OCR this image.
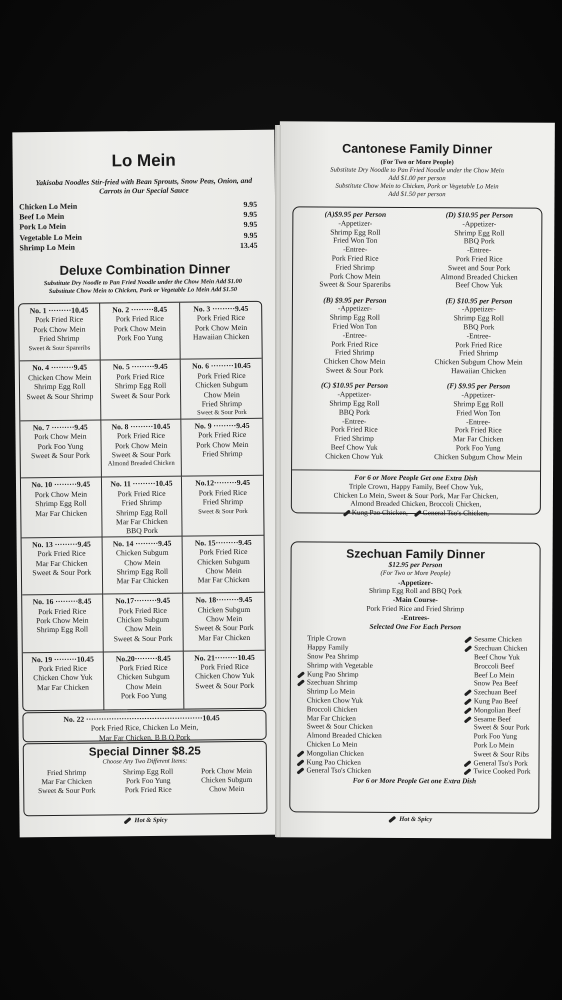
Lo Mein
Yakisoba Noodles Stir-fried with Bean Sprouts, Snow Peas, Onion, and Carrots in Our Special Sauce
Chicken Lo Mein	9.95
Beef Lo Mein	9.95
Pork Lo Mein	9.95
Vegetable Lo Mein	9.95
Shrimp Lo Mein	13.45
Deluxe Combination Dinner
Substitute Dry Noodle to Pan Fried Noodle under the Chow Mein Add $1.00
Substitute Chow Mein to Chicken, Pork or Vegetable Lo Mein Add $1.50
No. 1 ·········10.45
Pork Fried Rice
Pork Chow Mein
Fried Shrimp
Sweet & Sour Spareribs
No. 2 ·········8.45
Pork Fried Rice
Pork Chow Mein
Pork Foo Yung
No. 3 ·········9.45
Pork Fried Rice
Pork Chow Mein
Hawaiian Chicken
No. 4 ·········9.45
Chicken Chow Mein
Shrimp Egg Roll
Sweet & Sour Shrimp
No. 5 ·········9.45
Pork Fried Rice
Shrimp Egg Roll
Sweet & Sour Pork
No. 6 ·········10.45
Pork Fried Rice
Chicken Subgum
Chow Mein
Fried Shrimp
Sweet & Sour Pork
No. 7 ·········9.45
Pork Chow Mein
Pork Foo Yung
Sweet & Sour Pork
No. 8 ·········10.45
Pork Fried Rice
Pork Chow Mein
Sweet & Sour Pork
Almond Breaded Chicken
No. 9 ·········9.45
Pork Fried Rice
Pork Chow Mein
Fried Shrimp
No. 10 ·········9.45
Pork Chow Mein
Shrimp Egg Roll
Mar Far Chicken
No. 11 ·········10.45
Pork Fried Rice
Fried Shrimp
Shrimp Egg Roll
Mar Far Chicken
BBQ Pork
No.12·········9.45
Pork Fried Rice
Fried Shrimp
Sweet & Sour Pork
No. 13 ·········9.45
Pork Fried Rice
Mar Far Chicken
Sweet & Sour Pork
No. 14 ·········9.45
Chicken Subgum
Chow Mein
Shrimp Egg Roll
Mar Far Chicken
No. 15·········9.45
Pork Fried Rice
Chicken Subgum
Chow Mein
Mar Far Chicken
No. 16 ·········8.45
Pork Fried Rice
Pork Chow Mein
Shrimp Egg Roll
No.17·········9.45
Pork Fried Rice
Chicken Subgum
Chow Mein
Sweet & Sour Pork
No. 18·········9.45
Chicken Subgum
Chow Mein
Sweet & Sour Pork
Mar Far Chicken
No. 19 ·········10.45
Pork Fried Rice
Chicken Chow Yuk
Mar Far Chicken
No.20·········8.45
Pork Fried Rice
Chicken Subgum
Chow Mein
Pork Foo Yung
No. 21·········10.45
Pork Fried Rice
Chicken Chow Yuk
Sweet & Sour Pork
No. 22 ··············································10.45
Pork Fried Rice, Chicken Lo Mein,
Mar Far Chicken, B B Q Pork
Special Dinner $8.25
Choose Any Two Different Items:
Fried Shrimp
Mar Far Chicken
Sweet & Sour Pork
Shrimp Egg Roll
Pork Foo Yung
Pork Fried Rice
Pork Chow Mein
Chicken Subgum
Chow Mein
Hot & Spicy
Cantonese Family Dinner
(For Two or More People)
Substitute Dry Noodle to Pan Fried Noodle under the Chow Mein
Add $1.00 per person
Substitute Chow Mein to Chicken, Pork or Vegetable Lo Mein
Add $1.50 per person
(A)$9.95 per Person
-Appetizer-
Shrimp Egg Roll
Fried Won Ton
-Entree-
Pork Fried Rice
Fried Shrimp
Pork Chow Mein
Sweet & Sour Spareribs
(D) $10.95 per Person
-Appetizer-
Shrimp Egg Roll
BBQ Pork
-Entree-
Pork Fried Rice
Sweet and Sour Pork
Almond Breaded Chicken
Beef Chow Yuk
(B) $9.95 per Person
-Appetizer-
Shrimp Egg Roll
Fried Won Ton
-Entree-
Pork Fried Rice
Fried Shrimp
Chicken Chow Mein
Sweet & Sour Pork
(E) $10.95 per Person
-Appetizer-
Shrimp Egg Roll
BBQ Pork
-Entree-
Pork Fried Rice
Fried Shrimp
Chicken Subgum Chow Mein
Hawaiian Chicken
(C) $10.95 per Person
-Appetizer-
Shrimp Egg Roll
BBQ Pork
-Entree-
Pork Fried Rice
Fried Shrimp
Beef Chow Yuk
Chicken Chow Yuk
(F) $9.95 per Person
-Appetizer-
Shrimp Egg Roll
Fried Won Ton
-Entree-
Pork Fried Rice
Mar Far Chicken
Pork Foo Yung
Chicken Subgum Chow Mein
For 6 or More People Get one Extra Dish
Triple Crown, Happy Family, Beef Chow Yuk,
Chicken Lo Mein, Sweet & Sour Pork, Mar Far Chicken,
Almond Breaded Chicken, Broccoli Chicken,
Kung Pao Chicken, General Tso's Chicken,
Szechuan Family Dinner
$12.95 per Person
(For Two or More People)
-Appetizer-
Shrimp Egg Roll and BBQ Pork
-Main Course-
Pork Fried Rice and Fried Shrimp
-Entrees-
Selected One For Each Person
Triple Crown
Happy Family
Snow Pea Shrimp
Shrimp with Vegetable
Kung Pao Shrimp
Szechuan Shrimp
Shrimp Lo Mein
Chicken Chow Yuk
Broccoli Chicken
Mar Far Chicken
Sweet & Sour Chicken
Almond Breaded Chicken
Chicken Lo Mein
Mongolian Chicken
Kung Pao Chicken
General Tso's Chicken
Sesame Chicken
Szechuan Chicken
Beef Chow Yuk
Broccoli Beef
Beef Lo Mein
Snow Pea Beef
Szechuan Beef
Kung Pao Beef
Mongolian Beef
Sesame Beef
Sweet & Sour Pork
Pork Foo Yung
Pork Lo Mein
Sweet & Sour Ribs
General Tso's Pork
Twice Cooked Pork
For 6 or More People Get one Extra Dish
Hot & Spicy
